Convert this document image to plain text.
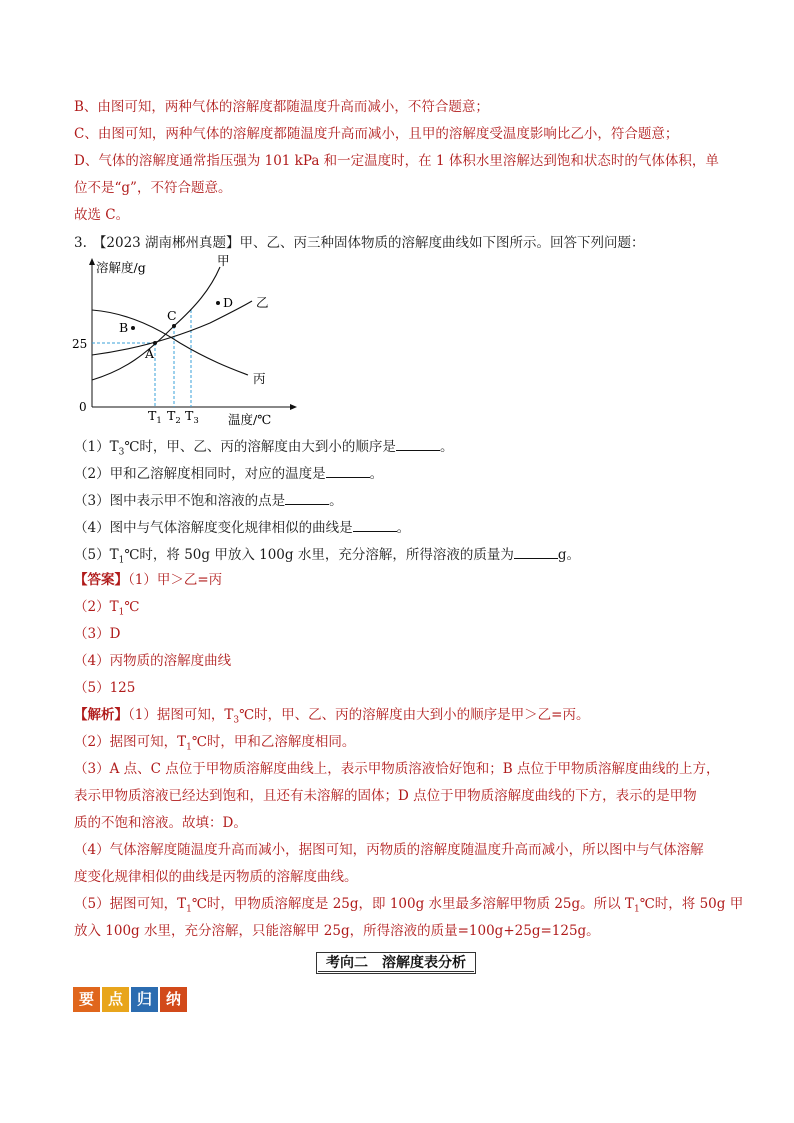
B、由图可知，两种气体的溶解度都随温度升高而减小，不符合题意；
C、由图可知，两种气体的溶解度都随温度升高而减小，且甲的溶解度受温度影响比乙小，符合题意；
D、气体的溶解度通常指压强为 101 kPa 和一定温度时，在 1 体积水里溶解达到饱和状态时的气体体积，单
位不是“g”，不符合题意。
故选 C。
3. 【2023 湖南郴州真题】甲、乙、丙三种固体物质的溶解度曲线如下图所示。回答下列问题：
溶解度/g
0
25
温度/℃
甲
乙
丙
A
B
C
D
$T_1$ $T_2$ $T_3$
$(1)T_3℃$时，甲、乙、丙的溶解度由大到小的顺序是	。
（2）甲和乙溶解度相同时，对应的温度是	。
（3）图中表示甲不饱和溶液的点是	。
（4）图中与气体溶解度变化规律相似的曲线是	。
$(5)T_1℃$时，将 50g 甲放入 100g 水里，充分溶解，所得溶液的质量为	g。
【答案】（1）甲＞乙=丙
$(2)T_1℃$
（3）D
（4）丙物质的溶解度曲线
（5）125
【解析】（1）据图可知，$T_3℃$时，甲、乙、丙的溶解度由大到小的顺序是甲＞乙=丙。
（2）据图可知，$T_1℃$时，甲和乙溶解度相同。
（3）A 点、C 点位于甲物质溶解度曲线上，表示甲物质溶液恰好饱和；B 点位于甲物质溶解度曲线的上方，
表示甲物质溶液已经达到饱和，且还有未溶解的固体；D 点位于甲物质溶解度曲线的下方，表示的是甲物
质的不饱和溶液。故填：D。
（4）气体溶解度随温度升高而减小，据图可知，丙物质的溶解度随温度升高而减小，所以图中与气体溶解
度变化规律相似的曲线是丙物质的溶解度曲线。
（5）据图可知，$T_1℃$时，甲物质溶解度是 25g，即 100g 水里最多溶解甲物质 25g。所以 $T_1℃$时，将 50g 甲
放入 100g 水里，充分溶解，只能溶解甲 25g，所得溶液的质量=100g+25g=125g。
考向二　溶解度表分析
要 点 归 纳
